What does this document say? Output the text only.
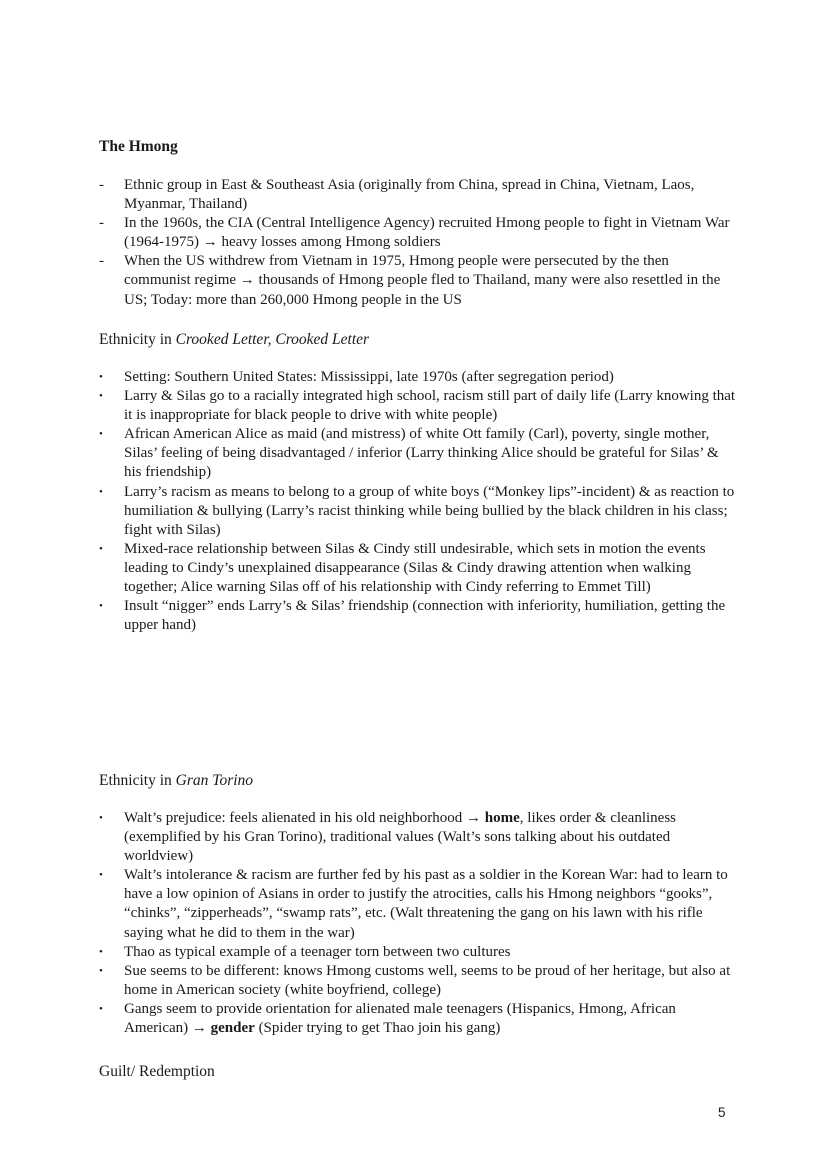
The Hmong
-	Ethnic group in East & Southeast Asia (originally from China, spread in China, Vietnam, Laos, Myanmar, Thailand)
-	In the 1960s, the CIA (Central Intelligence Agency) recruited Hmong people to fight in Vietnam War (1964-1975) → heavy losses among Hmong soldiers
-	When the US withdrew from Vietnam in 1975, Hmong people were persecuted by the then communist regime → thousands of Hmong people fled to Thailand, many were also resettled in the US; Today: more than 260,000 Hmong people in the US
Ethnicity in Crooked Letter, Crooked Letter
•	Setting: Southern United States: Mississippi, late 1970s (after segregation period)
•	Larry & Silas go to a racially integrated high school, racism still part of daily life (Larry knowing that it is inappropriate for black people to drive with white people)
•	African American Alice as maid (and mistress) of white Ott family (Carl), poverty, single mother, Silas’ feeling of being disadvantaged / inferior (Larry thinking Alice should be grateful for Silas’ & his friendship)
•	Larry’s racism as means to belong to a group of white boys (“Monkey lips”-incident) & as reaction to humiliation & bullying (Larry’s racist thinking while being bullied by the black children in his class; fight with Silas)
•	Mixed-race relationship between Silas & Cindy still undesirable, which sets in motion the events leading to Cindy’s unexplained disappearance (Silas & Cindy drawing attention when walking together; Alice warning Silas off of his relationship with Cindy referring to Emmet Till)
•	Insult “nigger” ends Larry’s & Silas’ friendship (connection with inferiority, humiliation, getting the upper hand)
Ethnicity in Gran Torino
•	Walt’s prejudice: feels alienated in his old neighborhood → home, likes order & cleanliness (exemplified by his Gran Torino), traditional values (Walt’s sons talking about his outdated worldview)
•	Walt’s intolerance & racism are further fed by his past as a soldier in the Korean War: had to learn to have a low opinion of Asians in order to justify the atrocities, calls his Hmong neighbors “gooks”, “chinks”, “zipperheads”, “swamp rats”, etc. (Walt threatening the gang on his lawn with his rifle saying what he did to them in the war)
•	Thao as typical example of a teenager torn between two cultures
•	Sue seems to be different: knows Hmong customs well, seems to be proud of her heritage, but also at home in American society (white boyfriend, college)
•	Gangs seem to provide orientation for alienated male teenagers (Hispanics, Hmong, African American) → gender (Spider trying to get Thao join his gang)
Guilt/ Redemption
5
